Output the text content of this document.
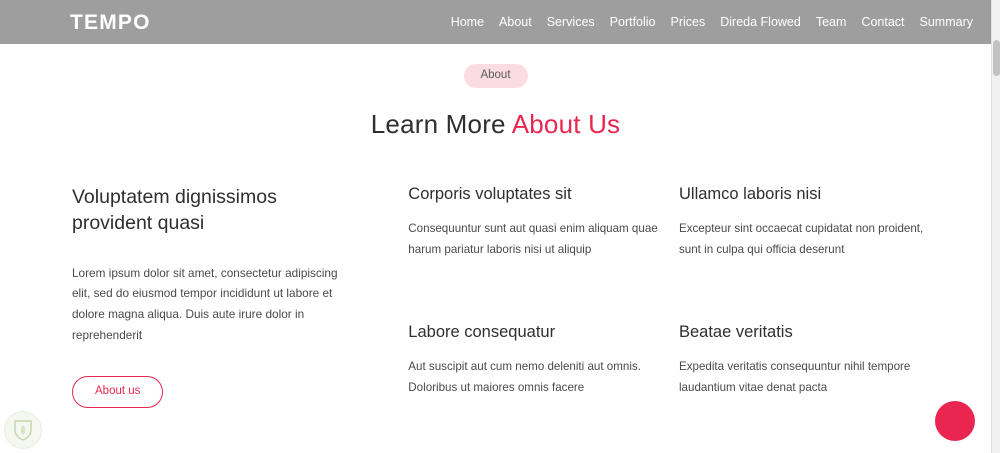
TEMPO	Home About Services Portfolio Prices Direda Flowed Team Contact Summary
About
Learn More About Us
Voluptatem dignissimos provident quasi

Lorem ipsum dolor sit amet, consectetur adipiscing elit, sed do eiusmod tempor incididunt ut labore et dolore magna aliqua. Duis aute irure dolor in reprehenderit

About us
Corporis voluptates sit

Consequuntur sunt aut quasi enim aliquam quae harum pariatur laboris nisi ut aliquip

Labore consequatur

Aut suscipit aut cum nemo deleniti aut omnis. Doloribus ut maiores omnis facere

Ullamco laboris nisi

Excepteur sint occaecat cupidatat non proident, sunt in culpa qui officia deserunt

Beatae veritatis

Expedita veritatis consequuntur nihil tempore laudantium vitae denat pacta
